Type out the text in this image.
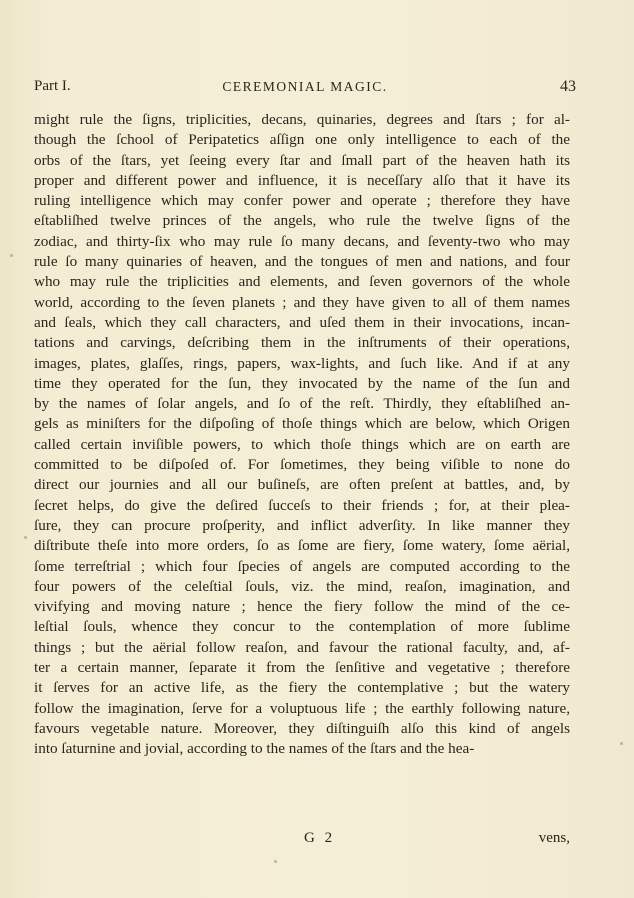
Part I.	CEREMONIAL MAGIC.	43
might rule the ſigns, triplicities, decans, quinaries, degrees and ſtars ; for al-
though the ſchool of Peripatetics aſſign one only intelligence to each of the
orbs of the ſtars, yet ſeeing every ſtar and ſmall part of the heaven hath its
proper and different power and influence, it is neceſſary alſo that it have its
ruling intelligence which may confer power and operate ; therefore they have
eſtabliſhed twelve princes of the angels, who rule the twelve ſigns of the
zodiac, and thirty-ſix who may rule ſo many decans, and ſeventy-two who may
rule ſo many quinaries of heaven, and the tongues of men and nations, and four
who may rule the triplicities and elements, and ſeven governors of the whole
world, according to the ſeven planets ; and they have given to all of them names
and ſeals, which they call characters, and uſed them in their invocations, incan-
tations and carvings, deſcribing them in the inſtruments of their operations,
images, plates, glaſſes, rings, papers, wax-lights, and ſuch like. And if at any
time they operated for the ſun, they invocated by the name of the ſun and
by the names of ſolar angels, and ſo of the reſt. Thirdly, they eſtabliſhed an-
gels as miniſters for the diſpoſing of thoſe things which are below, which Origen
called certain inviſible powers, to which thoſe things which are on earth are
committed to be diſpoſed of. For ſometimes, they being viſible to none do
direct our journies and all our buſineſs, are often preſent at battles, and, by
ſecret helps, do give the deſired ſucceſs to their friends ; for, at their plea-
ſure, they can procure proſperity, and inflict adverſity. In like manner they
diſtribute theſe into more orders, ſo as ſome are fiery, ſome watery, ſome aërial,
ſome terreſtrial ; which four ſpecies of angels are computed according to the
four powers of the celeſtial ſouls, viz. the mind, reaſon, imagination, and
vivifying and moving nature ; hence the fiery follow the mind of the ce-
leſtial ſouls, whence they concur to the contemplation of more ſublime
things ; but the aërial follow reaſon, and favour the rational faculty, and, af-
ter a certain manner, ſeparate it from the ſenſitive and vegetative ; therefore
it ſerves for an active life, as the fiery the contemplative ; but the watery
follow the imagination, ſerve for a voluptuous life ; the earthly following nature,
favours vegetable nature. Moreover, they diſtinguiſh alſo this kind of angels
into ſaturnine and jovial, according to the names of the ſtars and the hea-
G 2	vens,
